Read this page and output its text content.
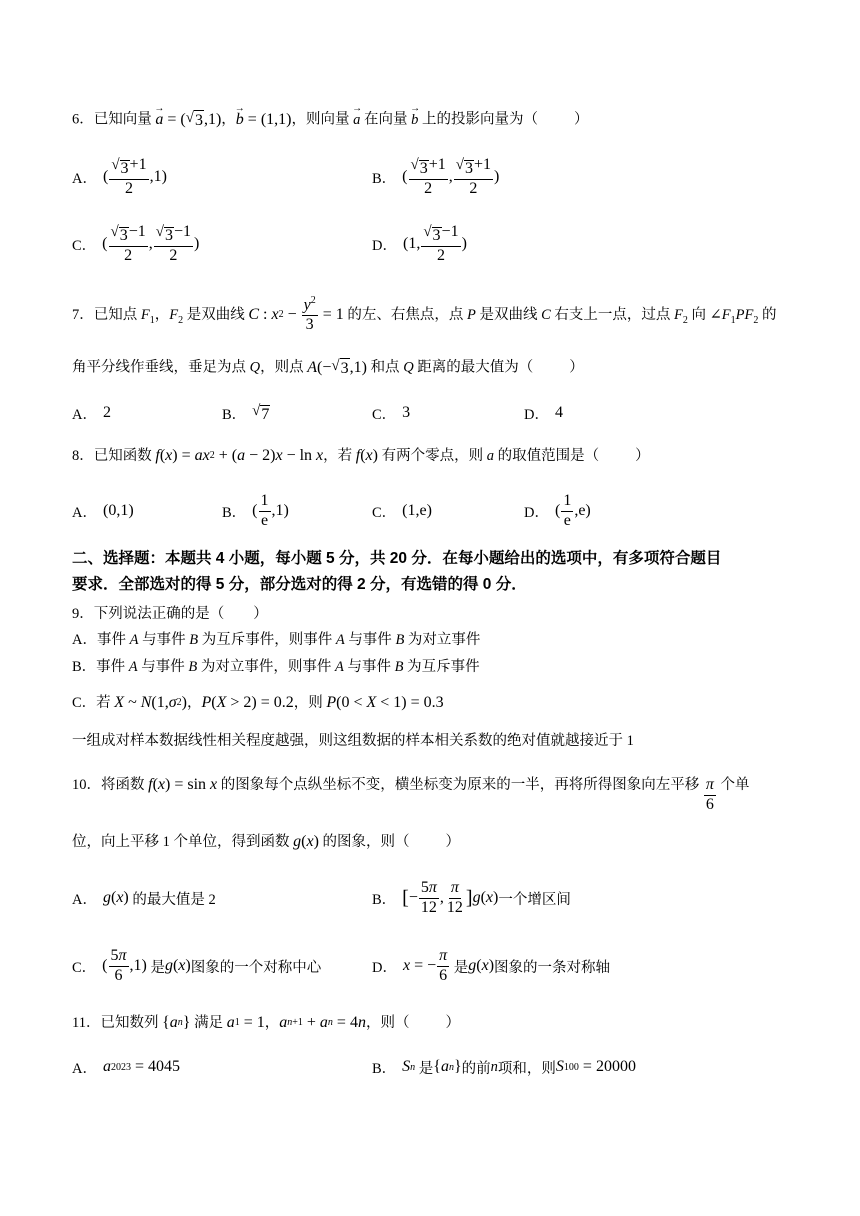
6．已知向量 → a = ( √ 3 ,1)， → b = (1,1)，则向量 → a 在向量 → b 上的投影向量为（ ）
A． ( $\frac{√ 3 +1}{2} ,1$)	B． ( $\frac{√ 3 +1}{2}$ , $\frac{√ 3 +1}{2}$ )
C． ( $\frac{√ 3 -1}{2}$ , $\frac{√ 3 -1}{2}$ )	D． (1, $\frac{√ 3 -1}{2}$ )
7．已知点 $F_1$，$F_2$ 是双曲线 C : x $2 - \frac{y^2}{3} = 1$ 的左、右焦点，点 P 是双曲线 C 右支上一点，过点 $F_2$ 向 $\angle F_1PF_2$ 的
角平分线作垂线，垂足为点 Q，则点 A (− √ 3 ,1) 和点 Q 距离的最大值为（ ）
A． 2	B． √ 7	C． 3	D． 4
8．已知函数 f ( x ) = ax 2 + ( a − 2) x − ln x ，若 f ( x ) 有两个零点，则 a 的取值范围是（ ）
A． (0,1)	B． ( $\frac{1}{e} ,1$)	C． (1,e)	D． ( $\frac{1}{e} ,e$)
二、选择题：本题共 4 小题，每小题 5 分，共 20 分．在每小题给出的选项中，有多项符合题目
要求．全部选对的得 5 分，部分选对的得 2 分，有选错的得 0 分．
9．下列说法正确的是（　　）
A．事件 A 与事件 B 为互斥事件，则事件 A 与事件 B 为对立事件
B．事件 A 与事件 B 为对立事件，则事件 A 与事件 B 为互斥事件
C．若 X ~ N (1, σ 2 )， P ( X > 2) = 0.2，则 P (0 < X < 1) = 0.3
一组成对样本数据线性相关程度越强，则这组数据的样本相关系数的绝对值就越接近于 1
10．将函数 f ( x ) = sin x 的图象每个点纵坐标不变，横坐标变为原来的一半，再将所得图象向左平移 $\frac{\pi}{6}$ 个单
位，向上平移 1 个单位，得到函数 g ( x ) 的图象，则（ ）
A． g ( x ) 的最大值是 2	B． [ − $\frac{5\pi}{12}$ , $\frac{\pi}{12}$ ] g ( x ) 一个增区间
C． ( $\frac{5\pi}{6} ,1$) 是 g ( x ) 图象的一个对称中心	D． x = − $\frac{\pi}{6}$ 是 g ( x ) 图象的一条对称轴
11．已知数列 { a n } 满足 a 1 = 1， a n+1 + a n = 4 n ，则（ ）
A． a 2023 = 4045	B． S n 是 { a n } 的前 n 项和，则 S 100 = 20000
